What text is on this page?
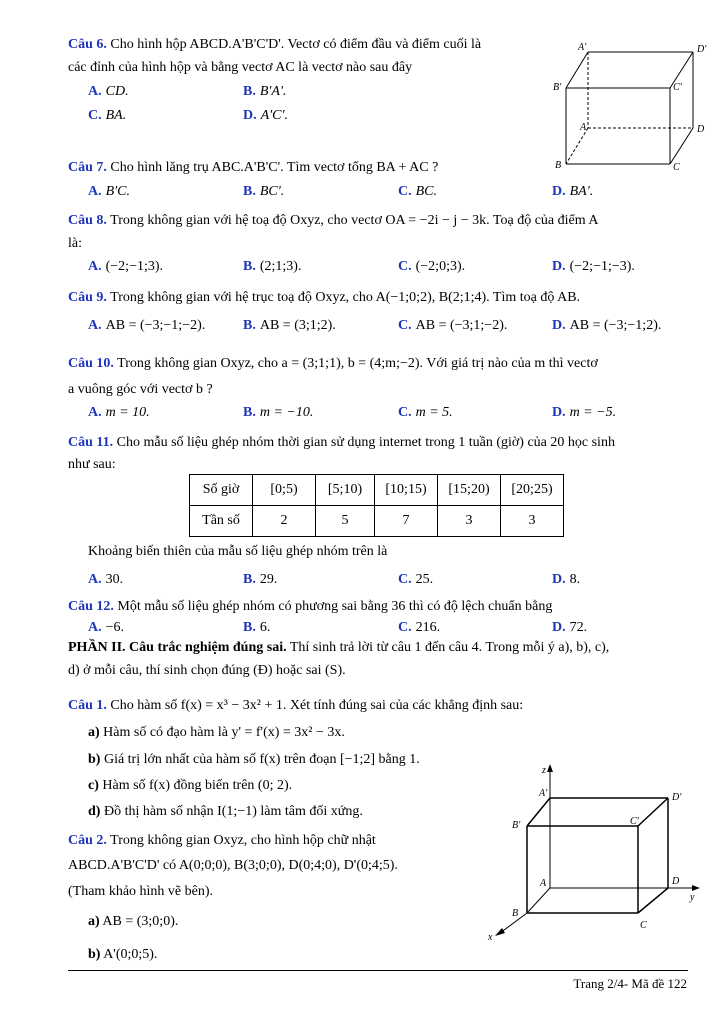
Câu 6. Cho hình hộp ABCD.A'B'C'D'. Vectơ có điểm đầu và điểm cuối là
các đỉnh của hình hộp và bằng vectơ AC là vectơ nào sau đây
A. CD.	B. B'A'.
C. BA.	D. A'C'.
A'	D'
B'	C'
A	D
B	C
Câu 7. Cho hình lăng trụ ABC.A'B'C'. Tìm vectơ tổng BA + AC ?
A. B'C.	B. BC'.	C. BC.	D. BA'.
Câu 8. Trong không gian với hệ toạ độ Oxyz, cho vectơ OA = −2i − j − 3k. Toạ độ của điểm A
là:
A. (−2;−1;3).	B. (2;1;3).	C. (−2;0;3).	D. (−2;−1;−3).
Câu 9. Trong không gian với hệ trục toạ độ Oxyz, cho A(−1;0;2), B(2;1;4). Tìm toạ độ AB.
A. AB = (−3;−1;−2).	B. AB = (3;1;2).	C. AB = (−3;1;−2).	D. AB = (−3;−1;2).
Câu 10. Trong không gian Oxyz, cho a = (3;1;1), b = (4;m;−2). Với giá trị nào của m thì vectơ
a vuông góc với vectơ b ?
A. m = 10.	B. m = −10.	C. m = 5.	D. m = −5.
Câu 11. Cho mẫu số liệu ghép nhóm thời gian sử dụng internet trong 1 tuần (giờ) của 20 học sinh
như sau:
Số giờ	[0;5)	[5;10)	[10;15)	[15;20)	[20;25)
Tần số	2	5	7	3	3
Khoảng biến thiên của mẫu số liệu ghép nhóm trên là
A. 30.	B. 29.	C. 25.	D. 8.
Câu 12. Một mẫu số liệu ghép nhóm có phương sai bằng 36 thì có độ lệch chuẩn bằng
A. −6.	B. 6.	C. 216.	D. 72.
PHẦN II. Câu trắc nghiệm đúng sai. Thí sinh trả lời từ câu 1 đến câu 4. Trong mỗi ý a), b), c),
d) ở mỗi câu, thí sinh chọn đúng (Đ) hoặc sai (S).
Câu 1. Cho hàm số f(x) = x³ − 3x² + 1. Xét tính đúng sai của các khẳng định sau:
a) Hàm số có đạo hàm là y' = f'(x) = 3x² − 3x.
b) Giá trị lớn nhất của hàm số f(x) trên đoạn [−1;2] bằng 1.
c) Hàm số f(x) đồng biến trên (0; 2).
d) Đồ thị hàm số nhận I(1;−1) làm tâm đối xứng.
Câu 2. Trong không gian Oxyz, cho hình hộp chữ nhật
ABCD.A'B'C'D' có A(0;0;0), B(3;0;0), D(0;4;0), D'(0;4;5).
(Tham khảo hình vẽ bên).
a) AB = (3;0;0).
b) A'(0;0;5).
z
A'	D'
B'	C'
A	D
y
B
C
x
Trang 2/4- Mã đề 122
